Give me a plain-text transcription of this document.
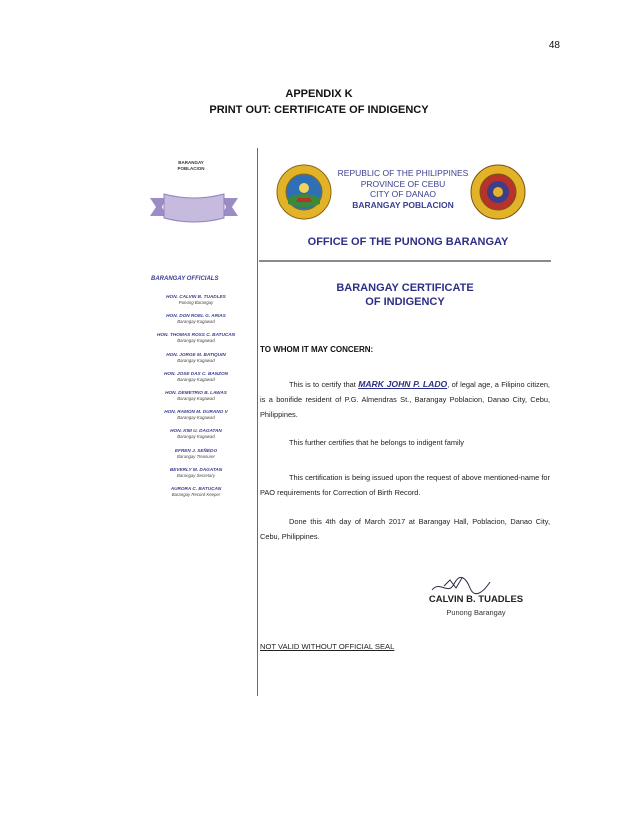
48
APPENDIX K
PRINT OUT: CERTIFICATE OF INDIGENCY
BARANGAY
POBLACION
BARANGAY OFFICIALS
HON. CALVIN B. TUADLES
Punong Barangay
HON. DON ROEL G. ARIAS
Barangay Kagawad
HON. THOMAS ROSS C. BATUCAN
Barangay Kagawad
HON. JORGE M. BATIQUIN
Barangay Kagawad
HON. JOSE DAX C. BANZON
Barangay Kagawad
HON. DEMETRIO B. LAWAS
Barangay Kagawad
HON. RAMON M. DURANO V
Barangay Kagawad
HON. KIM U. DAGATAN
Barangay Kagawad
EFREN J. SEÑEDO
Barangay Treasurer
BEVERLY M. DAGATAN
Barangay Secretary
AURORA C. BATUCAN
Barangay Record Keeper
REPUBLIC OF THE PHILIPPINES
PROVINCE OF CEBU
CITY OF DANAO
BARANGAY POBLACION
OFFICE OF THE PUNONG BARANGAY
BARANGAY CERTIFICATE
OF INDIGENCY
TO WHOM IT MAY CONCERN:
This is to certify that MARK JOHN P. LADO, of legal age, a Filipino citizen, is a bonifide resident of P.G. Almendras St., Barangay Poblacion, Danao City, Cebu, Philippines.
This further certifies that he belongs to indigent family
This certification is being issued upon the request of above mentioned-name for PAO requirements for Correction of Birth Record.
Done this 4th day of March 2017 at Barangay Hall, Poblacion, Danao City, Cebu, Philippines.
CALVIN B. TUADLES
Punong Barangay
NOT VALID WITHOUT OFFICIAL SEAL
